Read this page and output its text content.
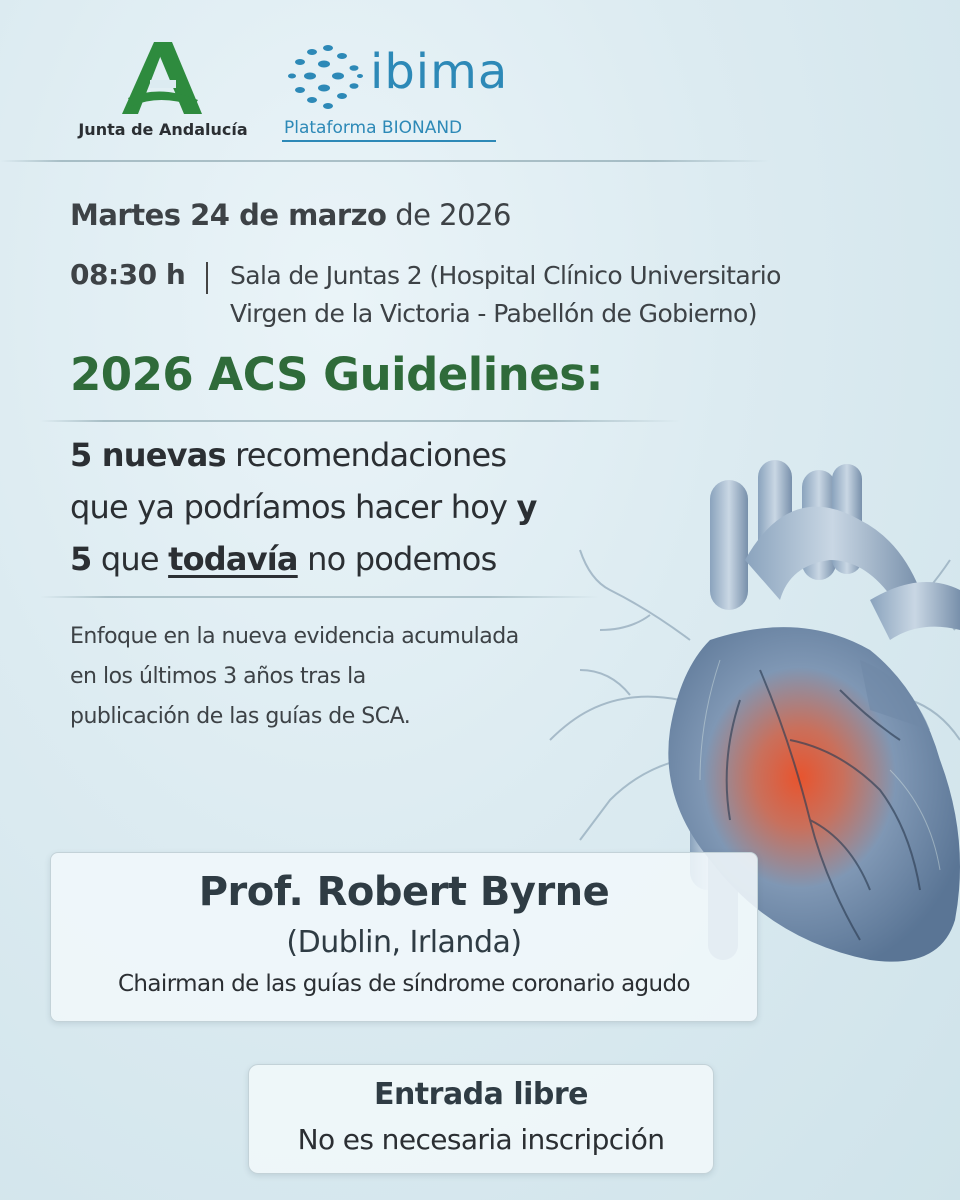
Junta de Andalucía
ibima
Plataforma BIONAND
Martes 24 de marzo de 2026
08:30 h Sala de Juntas 2 (Hospital Clínico Universitario
Virgen de la Victoria - Pabellón de Gobierno)
2026 ACS Guidelines:
5 nuevas recomendaciones
que ya podríamos hacer hoy y
5 que todavía no podemos
Enfoque en la nueva evidencia acumulada
en los últimos 3 años tras la
publicación de las guías de SCA.
Prof. Robert Byrne
(Dublin, Irlanda)
Chairman de las guías de síndrome coronario agudo
Entrada libre
No es necesaria inscripción
